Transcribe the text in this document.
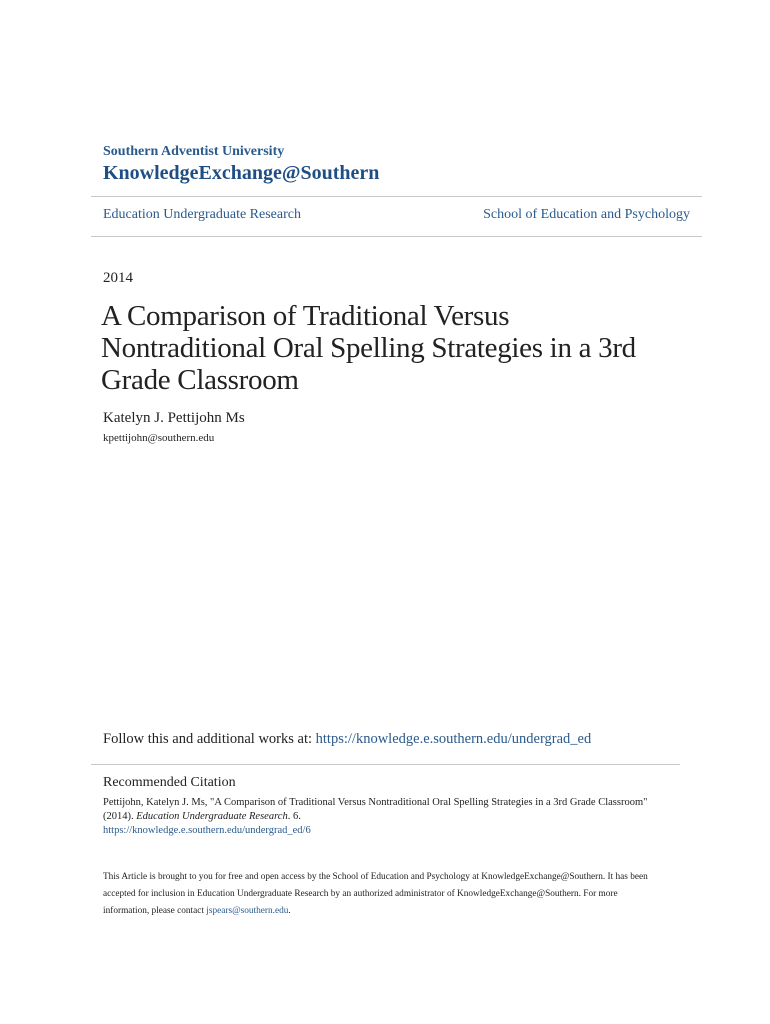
Southern Adventist University
KnowledgeExchange@Southern
Education Undergraduate Research	School of Education and Psychology
2014
A Comparison of Traditional Versus Nontraditional Oral Spelling Strategies in a 3rd Grade Classroom
Katelyn J. Pettijohn Ms
kpettijohn@southern.edu
Follow this and additional works at: https://knowledge.e.southern.edu/undergrad_ed
Recommended Citation
Pettijohn, Katelyn J. Ms, "A Comparison of Traditional Versus Nontraditional Oral Spelling Strategies in a 3rd Grade Classroom" (2014). Education Undergraduate Research. 6.
https://knowledge.e.southern.edu/undergrad_ed/6
This Article is brought to you for free and open access by the School of Education and Psychology at KnowledgeExchange@Southern. It has been accepted for inclusion in Education Undergraduate Research by an authorized administrator of KnowledgeExchange@Southern. For more information, please contact jspears@southern.edu.
